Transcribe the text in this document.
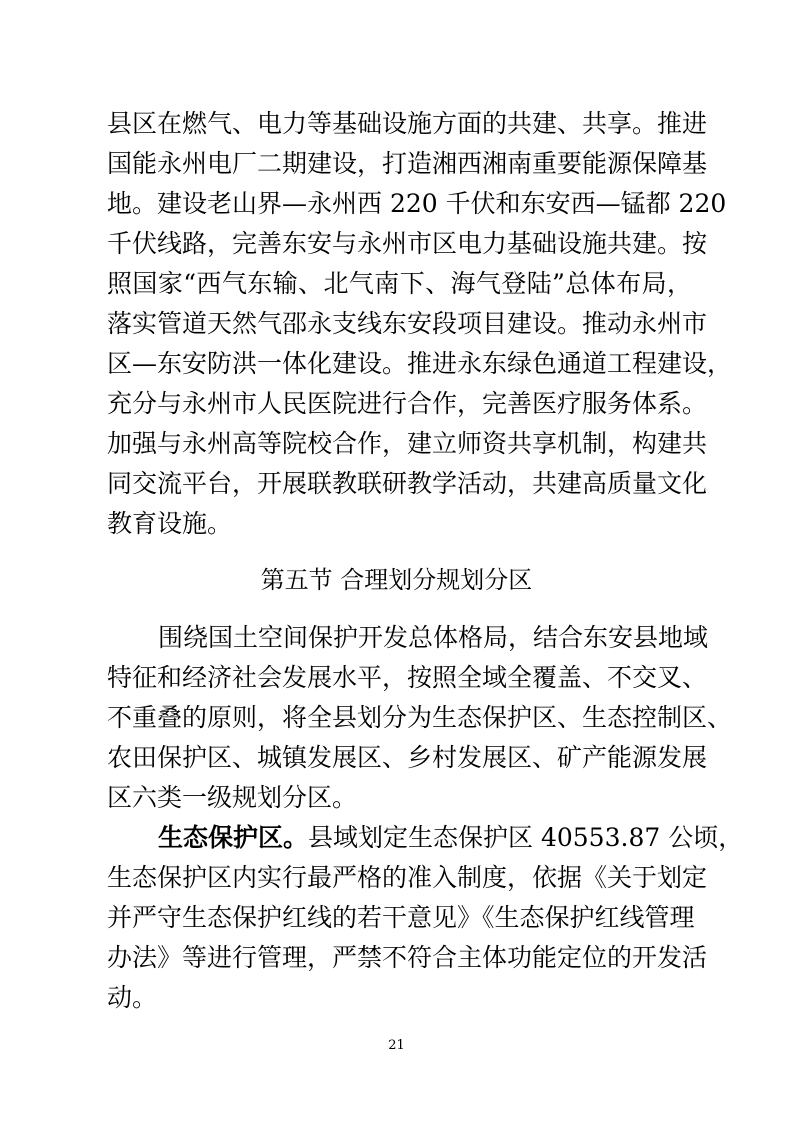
县区在燃气、电力等基础设施方面的共建、共享。推进
国能永州电厂二期建设，打造湘西湘南重要能源保障基
地。建设老山界—永州西 220 千伏和东安西—锰都 220
千伏线路，完善东安与永州市区电力基础设施共建。按
照国家“西气东输、北气南下、海气登陆”总体布局，
落实管道天然气邵永支线东安段项目建设。推动永州市
区—东安防洪一体化建设。推进永东绿色通道工程建设，
充分与永州市人民医院进行合作，完善医疗服务体系。
加强与永州高等院校合作，建立师资共享机制，构建共
同交流平台，开展联教联研教学活动，共建高质量文化
教育设施。
第五节 合理划分规划分区
围绕国土空间保护开发总体格局，结合东安县地域
特征和经济社会发展水平，按照全域全覆盖、不交叉、
不重叠的原则，将全县划分为生态保护区、生态控制区、
农田保护区、城镇发展区、乡村发展区、矿产能源发展
区六类一级规划分区。
生态保护区。县域划定生态保护区 40553.87 公顷，
生态保护区内实行最严格的准入制度，依据《关于划定
并严守生态保护红线的若干意见》《生态保护红线管理
办法》等进行管理，严禁不符合主体功能定位的开发活
动。
21
